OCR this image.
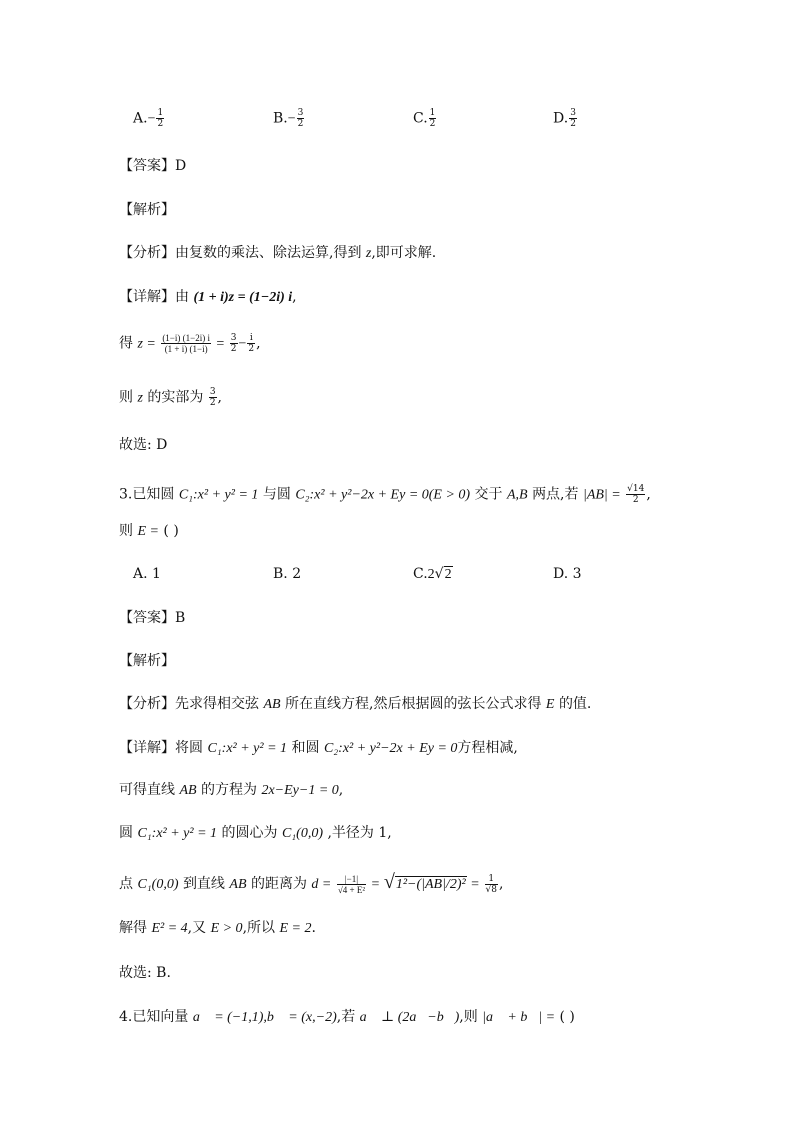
$A.- \frac{1}{2}$	$B.- \frac{3}{2}$	C. $\frac{1}{2}$	D. $\frac{3}{2}$
【答案】D
【解析】
【分析】由复数的乘法、除法运算,得到 z,即可求解.
【详解】由 (1 + i)z = (1−2i) i,
得 $z = \frac{(1-i) (1-2i) i}{(1 + i) (1-i)} = \frac{3}{2} - \frac{i}{2}$ ,
则 z 的实部为 $\frac{3}{2}$ ,
故选: D
3.已知圆 C₁:x² + y² = 1 与圆 C₂:x² + y²−2x + Ey = 0(E > 0) 交于 A,B 两点,若 $|AB| = \frac{√14}{2}$ ,
则 E = ( )
A. 1	B. 2	C.2√2	D. 3
【答案】B
【解析】
【分析】先求得相交弦 AB 所在直线方程,然后根据圆的弦长公式求得 E 的值.
【详解】将圆 C₁:x² + y² = 1 和圆 C₂:x² + y²−2x + Ey = 0方程相减,
可得直线 AB 的方程为 2x−Ey−1 = 0,
圆 C₁:x² + y² = 1 的圆心为 C₁(0,0) ,半径为 1,
点 C₁(0,0) 到直线 AB 的距离为 $d = \frac{|-1|}{\text{√4 + E²}} = √1^2-(|AB|/2)^2 = \frac{1}{√8}$ ,
解得 E² = 4,又 E > 0,所以 E = 2.
故选: B.
4.已知向量 a⃗ = (−1,1),b⃗ = (x,−2),若 a⃗ ⊥ (2a⃗−b⃗),则 |a⃗ + b⃗| = ( )
